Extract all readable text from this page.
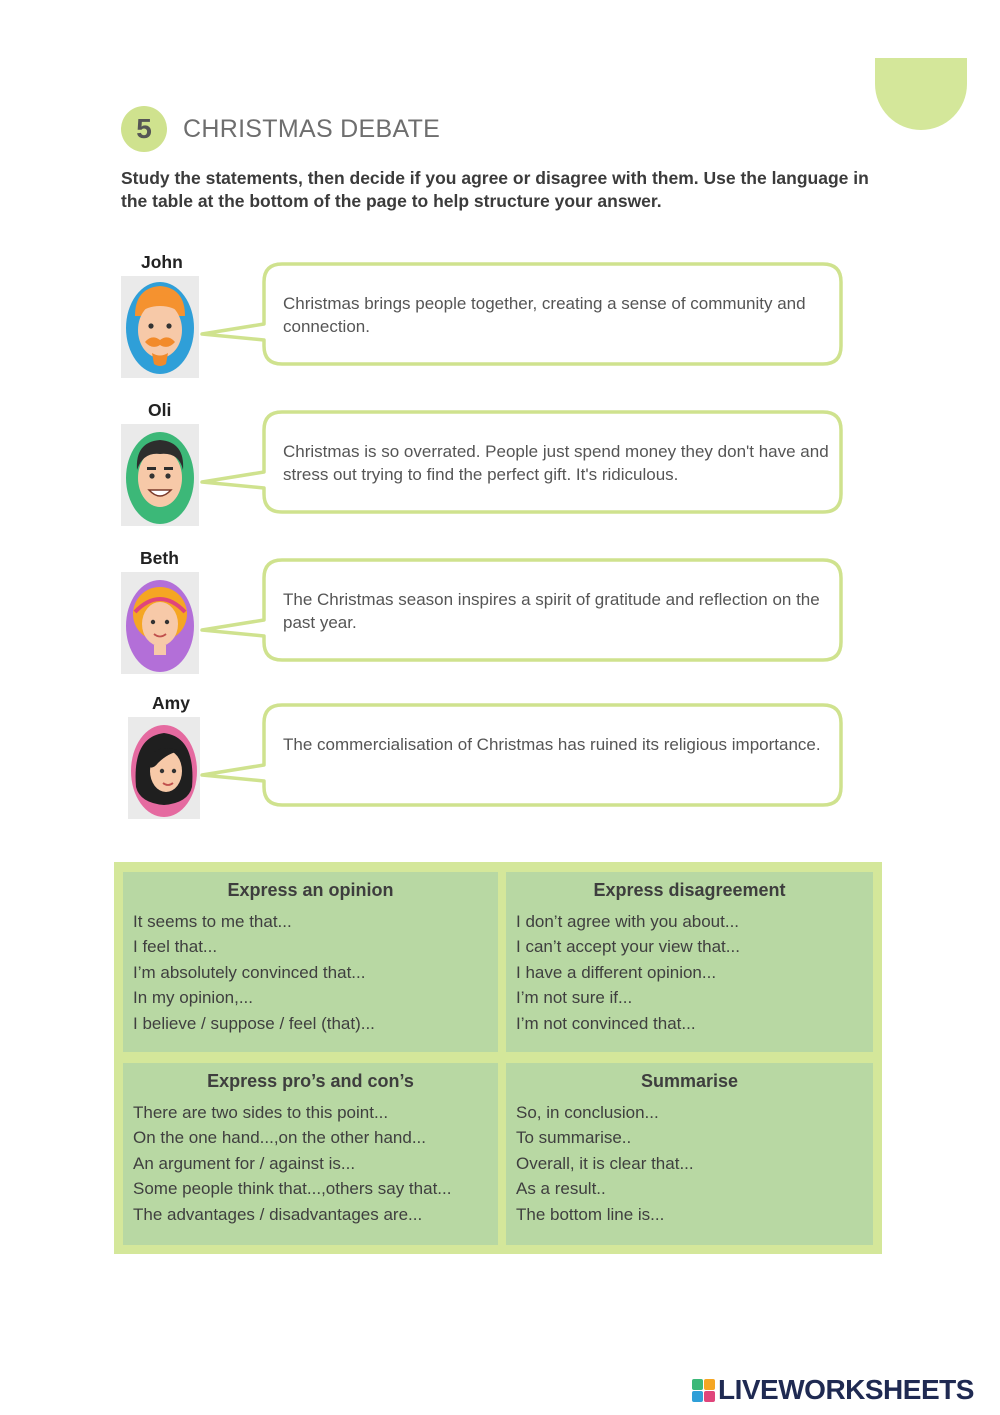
5	CHRISTMAS DEBATE
Study the statements, then decide if you agree or disagree with them. Use the language in the table at the bottom of the page to help structure your answer.
John
Christmas brings people together, creating a sense of community and connection.
Oli
Christmas is so overrated. People just spend money they don't have and stress out trying to find the perfect gift. It's ridiculous.
Beth
The Christmas season inspires a spirit of gratitude and reflection on the past year.
Amy
The commercialisation of Christmas has ruined its religious importance.
Express an opinion
It seems to me that...
I feel that...
I’m absolutely convinced that...
In my opinion,...
I believe / suppose / feel (that)...
Express disagreement
I don’t agree with you about...
I can’t accept your view that...
I have a different opinion...
I’m not sure if...
I’m not convinced that...
Express pro’s and con’s
There are two sides to this point...
On the one hand...,on the other hand...
An argument for / against is...
Some people think that...,others say that...
The advantages / disadvantages are...
Summarise
So, in conclusion...
To summarise..
Overall, it is clear that...
As a result..
The bottom line is...
LIVEWORKSHEETS
